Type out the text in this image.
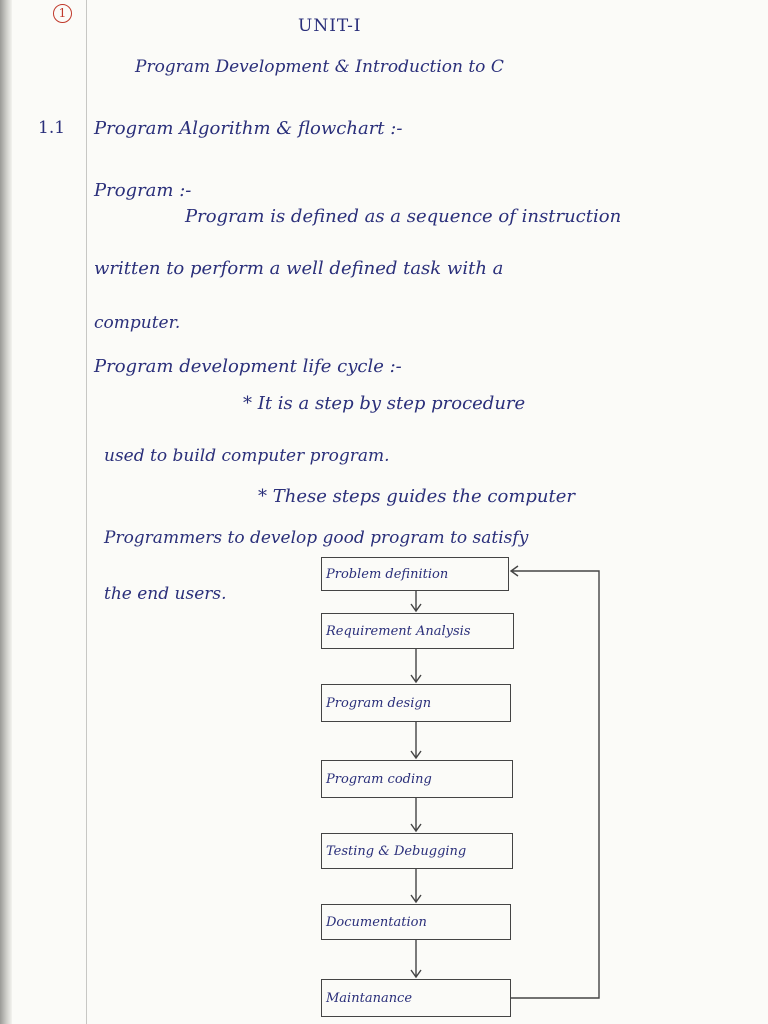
1

UNIT-I

Program Development & Introduction to C

1.1 Program Algorithm & flowchart :-

Program :-

Program is defined as a sequence of instruction

written to perform a well defined task with a

computer.

Program development life cycle :-

* It is a step by step procedure

used to build computer program.

* These steps guides the computer

Programmers to develop good program to satisfy

the end users.

Problem definition
Requirement Analysis
Program design
Program coding
Testing & Debugging
Documentation
Maintanance
